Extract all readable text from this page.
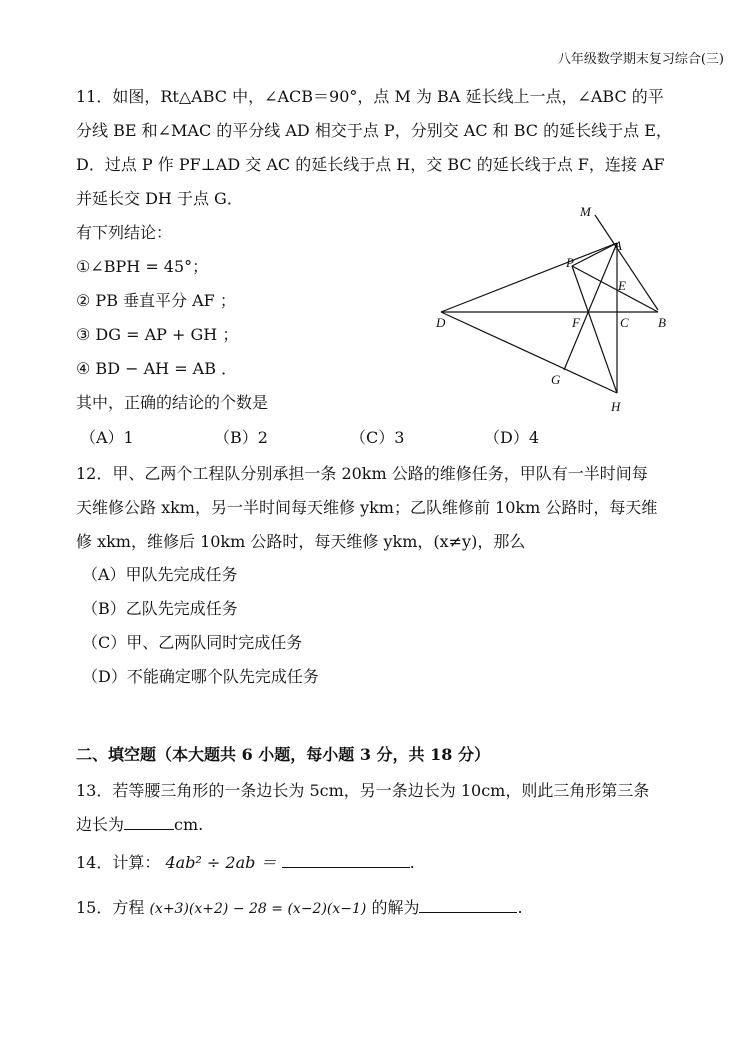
八年级数学期末复习综合(三)
11．如图，Rt△ABC 中，∠ACB＝90°，点 M 为 BA 延长线上一点，∠ABC 的平
分线 BE 和∠MAC 的平分线 AD 相交于点 P，分别交 AC 和 BC 的延长线于点 E，
D．过点 P 作 PF⊥AD 交 AC 的延长线于点 H，交 BC 的延长线于点 F，连接 AF
并延长交 DH 于点 G．
有下列结论：
①∠BPH = 45°；
② PB 垂直平分 AF ；
③ DG = AP + GH ；
④ BD − AH = AB ．
其中，正确的结论的个数是
（A）1	（B）2	（C）3	（D）4
M
A
P
E
D	F	C B
G
H
12．甲、乙两个工程队分别承担一条 20km 公路的维修任务，甲队有一半时间每
天维修公路 xkm，另一半时间每天维修 ykm；乙队维修前 10km 公路时，每天维
修 xkm，维修后 10km 公路时，每天维修 ykm，(x≠y)，那么
（A）甲队先完成任务
（B）乙队先完成任务
（C）甲、乙两队同时完成任务
（D）不能确定哪个队先完成任务
二、填空题（本大题共 6 小题，每小题 3 分，共 18 分）
13．若等腰三角形的一条边长为 5cm，另一条边长为 10cm，则此三角形第三条
边长为	cm.
14．计算： 4ab² ÷ 2ab ＝	.
15．方程 (x+3)(x+2) − 28 = (x−2)(x−1) 的解为	.
